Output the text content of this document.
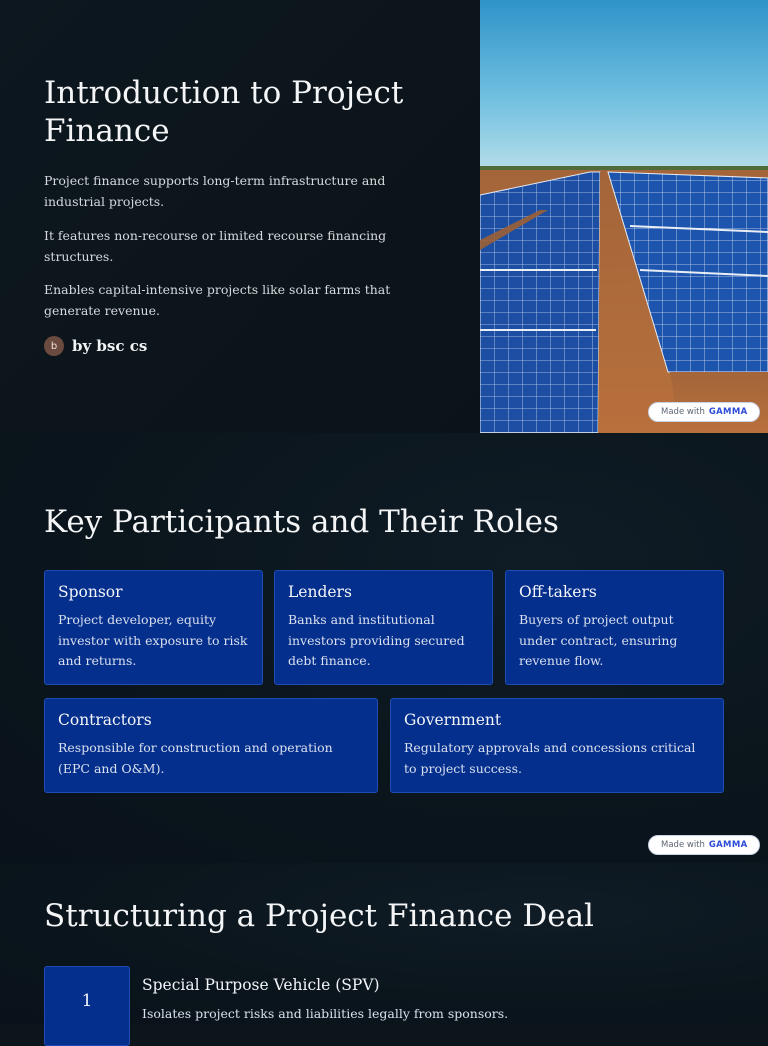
Introduction to Project Finance

Project finance supports long-term infrastructure and industrial projects.

It features non-recourse or limited recourse financing structures.

Enables capital-intensive projects like solar farms that generate revenue.

b by bsc cs
Made with GAMMA
Key Participants and Their Roles

Sponsor

Project developer, equity investor with exposure to risk and returns.

Lenders

Banks and institutional investors providing secured debt finance.

Off-takers

Buyers of project output under contract, ensuring revenue flow.

Contractors

Responsible for construction and operation (EPC and O&M).

Government

Regulatory approvals and concessions critical to project success.

Made with GAMMA
Structuring a Project Finance Deal
1

Special Purpose Vehicle (SPV)

Isolates project risks and liabilities legally from sponsors.
